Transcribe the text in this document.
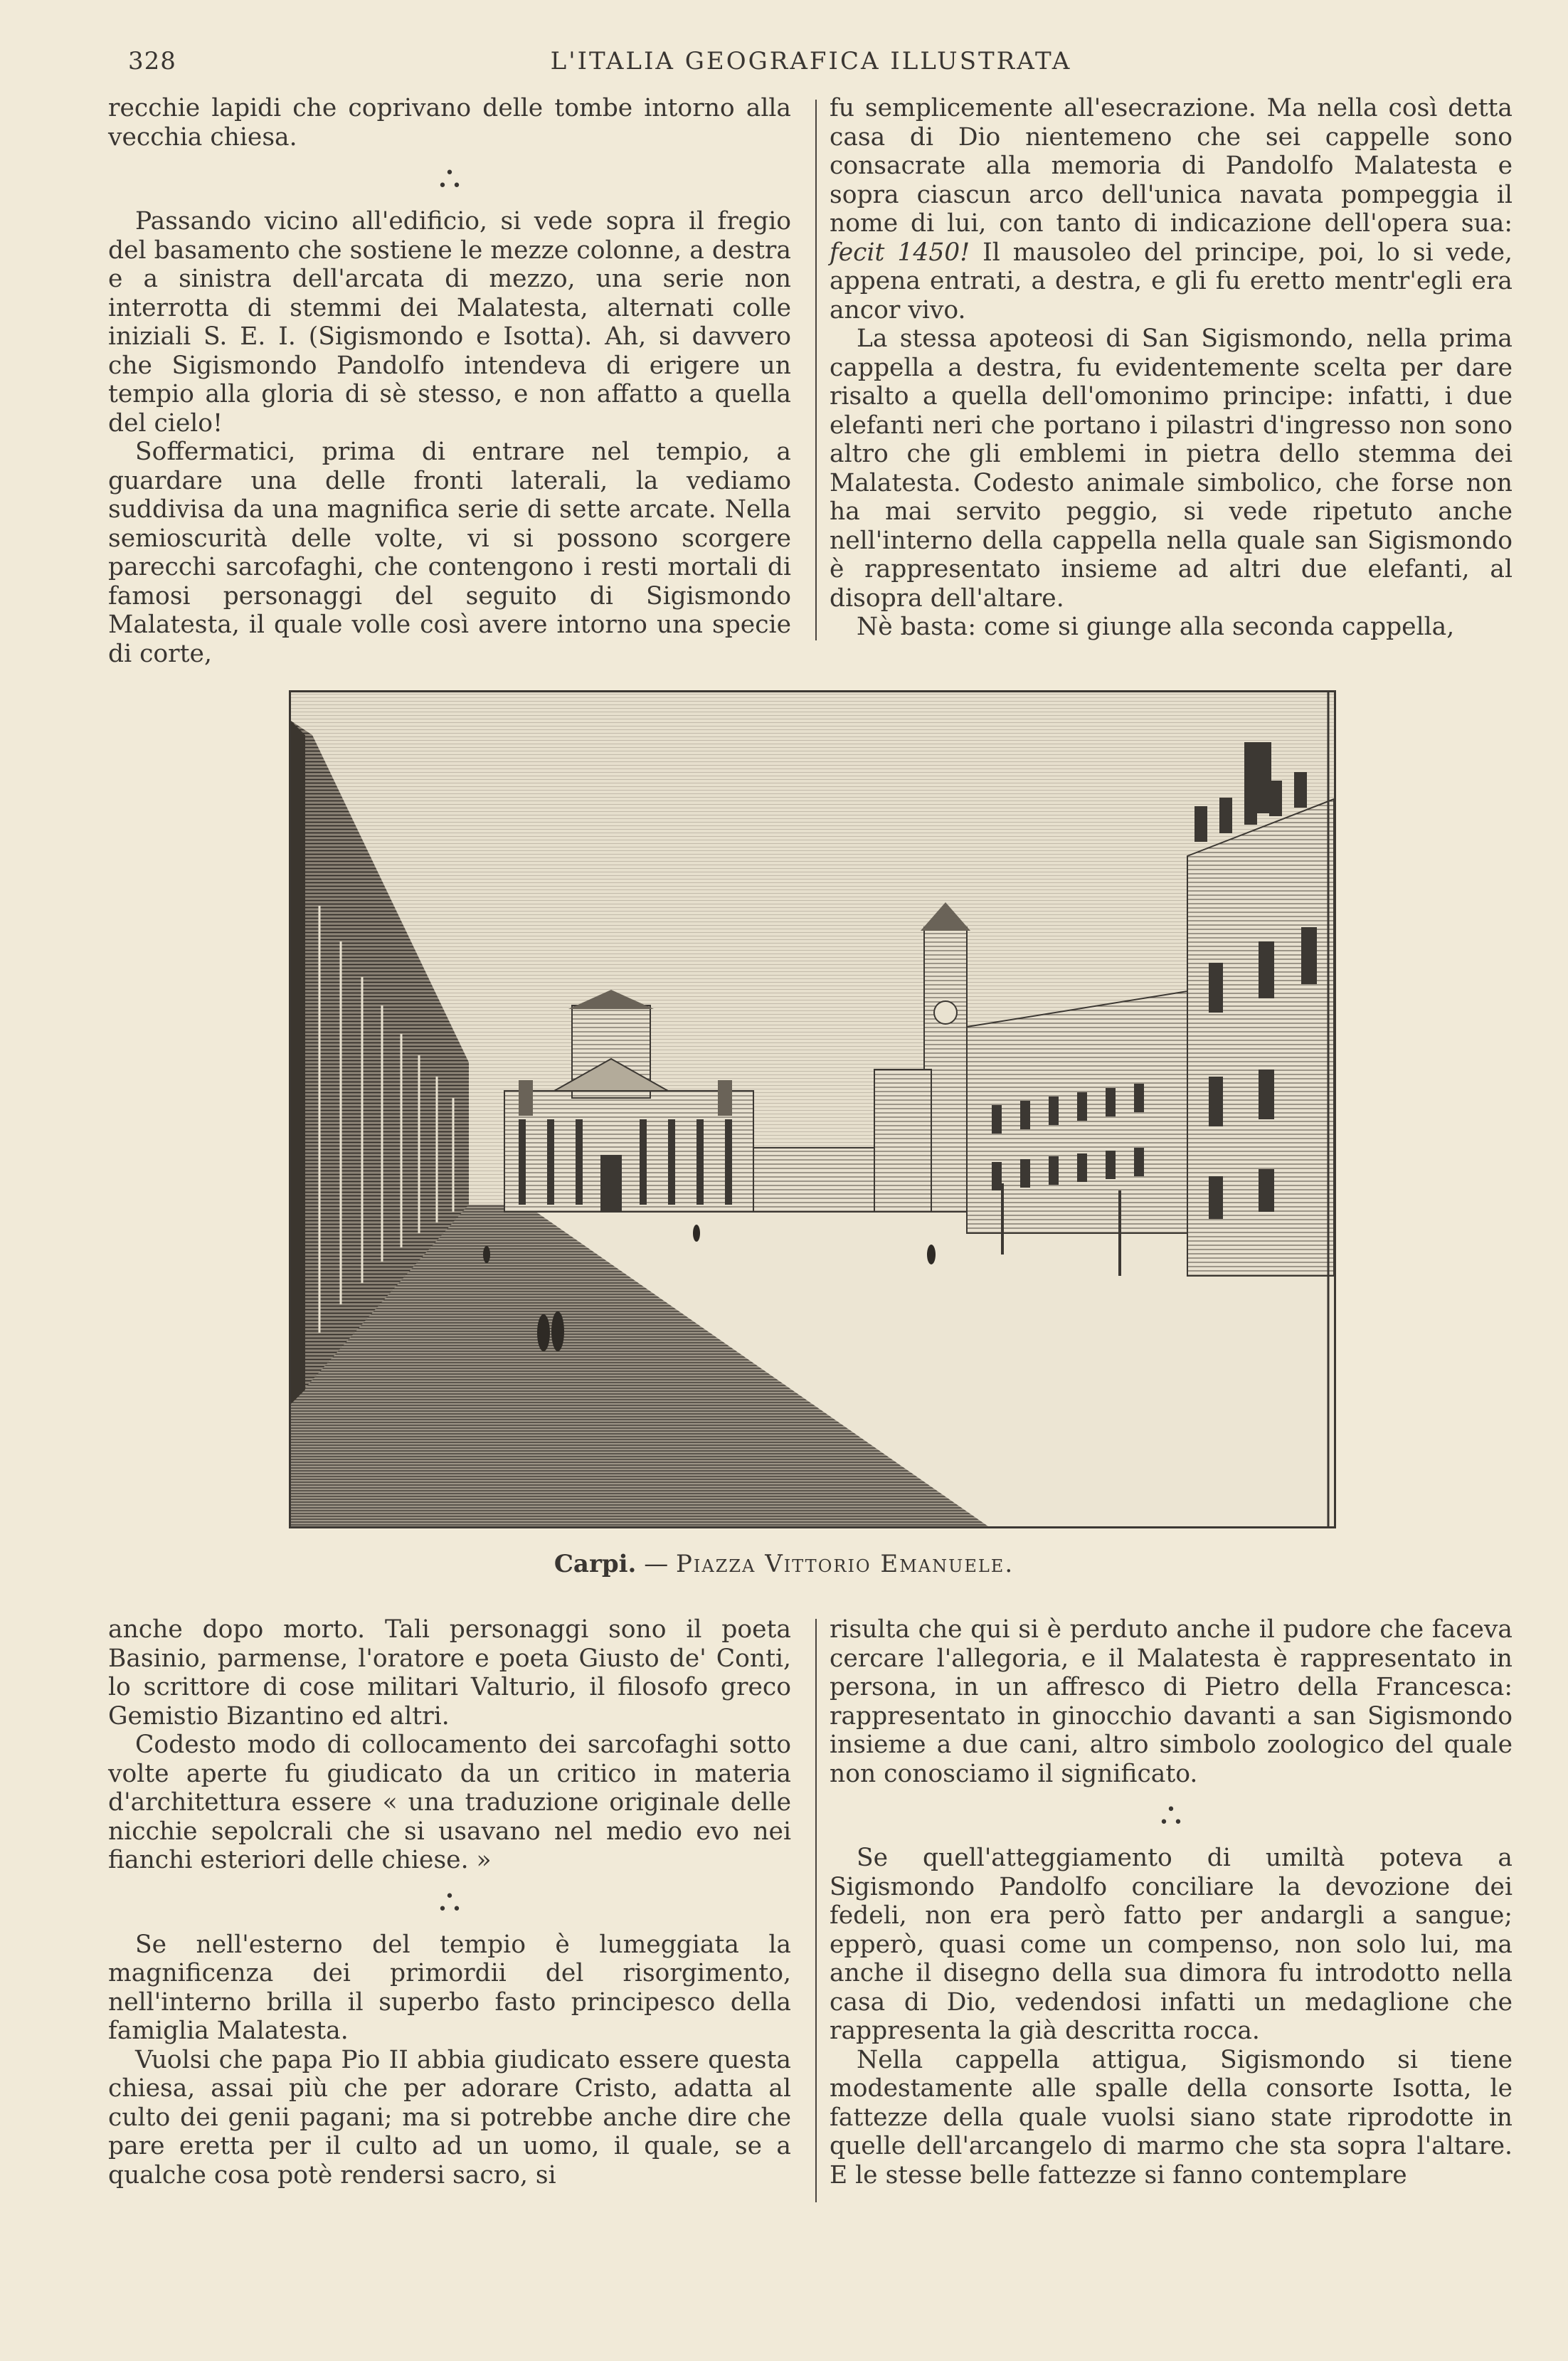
328	L'ITALIA GEOGRAFICA ILLUSTRATA

recchie lapidi che coprivano delle tombe intorno alla vecchia chiesa.

•
• •

Passando vicino all'edificio, si vede sopra il fregio del basamento che sostiene le mezze colonne, a destra e a sinistra dell'arcata di mezzo, una serie non interrotta di stemmi dei Malatesta, alternati colle iniziali S. E. I. (Sigismondo e Isotta). Ah, si davvero che Sigismondo Pandolfo intendeva di erigere un tempio alla gloria di sè stesso, e non affatto a quella del cielo!

Soffermatici, prima di entrare nel tempio, a guardare una delle fronti laterali, la vediamo suddivisa da una magnifica serie di sette arcate. Nella semioscurità delle volte, vi si possono scorgere parecchi sarcofaghi, che contengono i resti mortali di famosi personaggi del seguito di Sigismondo Malatesta, il quale volle così avere intorno una specie di corte,

fu semplicemente all'esecrazione. Ma nella così detta casa di Dio nientemeno che sei cappelle sono consacrate alla memoria di Pandolfo Malatesta e sopra ciascun arco dell'unica navata pompeggia il nome di lui, con tanto di indicazione dell'opera sua: fecit 1450! Il mausoleo del principe, poi, lo si vede, appena entrati, a destra, e gli fu eretto mentr'egli era ancor vivo.

La stessa apoteosi di San Sigismondo, nella prima cappella a destra, fu evidentemente scelta per dare risalto a quella dell'omonimo principe: infatti, i due elefanti neri che portano i pilastri d'ingresso non sono altro che gli emblemi in pietra dello stemma dei Malatesta. Codesto animale simbolico, che forse non ha mai servito peggio, si vede ripetuto anche nell'interno della cappella nella quale san Sigismondo è rappresentato insieme ad altri due elefanti, al disopra dell'altare.

Nè basta: come si giunge alla seconda cappella,

Carpi. — Piazza Vittorio Emanuele.

anche dopo morto. Tali personaggi sono il poeta Basinio, parmense, l'oratore e poeta Giusto de' Conti, lo scrittore di cose militari Valturio, il filosofo greco Gemistio Bizantino ed altri.

Codesto modo di collocamento dei sarcofaghi sotto volte aperte fu giudicato da un critico in materia d'architettura essere « una traduzione originale delle nicchie sepolcrali che si usavano nel medio evo nei fianchi esteriori delle chiese. »

•
• •

Se nell'esterno del tempio è lumeggiata la magnificenza dei primordii del risorgimento, nell'interno brilla il superbo fasto principesco della famiglia Malatesta.

Vuolsi che papa Pio II abbia giudicato essere questa chiesa, assai più che per adorare Cristo, adatta al culto dei genii pagani; ma si potrebbe anche dire che pare eretta per il culto ad un uomo, il quale, se a qualche cosa potè rendersi sacro, si

risulta che qui si è perduto anche il pudore che faceva cercare l'allegoria, e il Malatesta è rappresentato in persona, in un affresco di Pietro della Francesca: rappresentato in ginocchio davanti a san Sigismondo insieme a due cani, altro simbolo zoologico del quale non conosciamo il significato.

•
• •

Se quell'atteggiamento di umiltà poteva a Sigismondo Pandolfo conciliare la devozione dei fedeli, non era però fatto per andargli a sangue; epperò, quasi come un compenso, non solo lui, ma anche il disegno della sua dimora fu introdotto nella casa di Dio, vedendosi infatti un medaglione che rappresenta la già descritta rocca.

Nella cappella attigua, Sigismondo si tiene modestamente alle spalle della consorte Isotta, le fattezze della quale vuolsi siano state riprodotte in quelle dell'arcangelo di marmo che sta sopra l'altare. E le stesse belle fattezze si fanno contemplare
